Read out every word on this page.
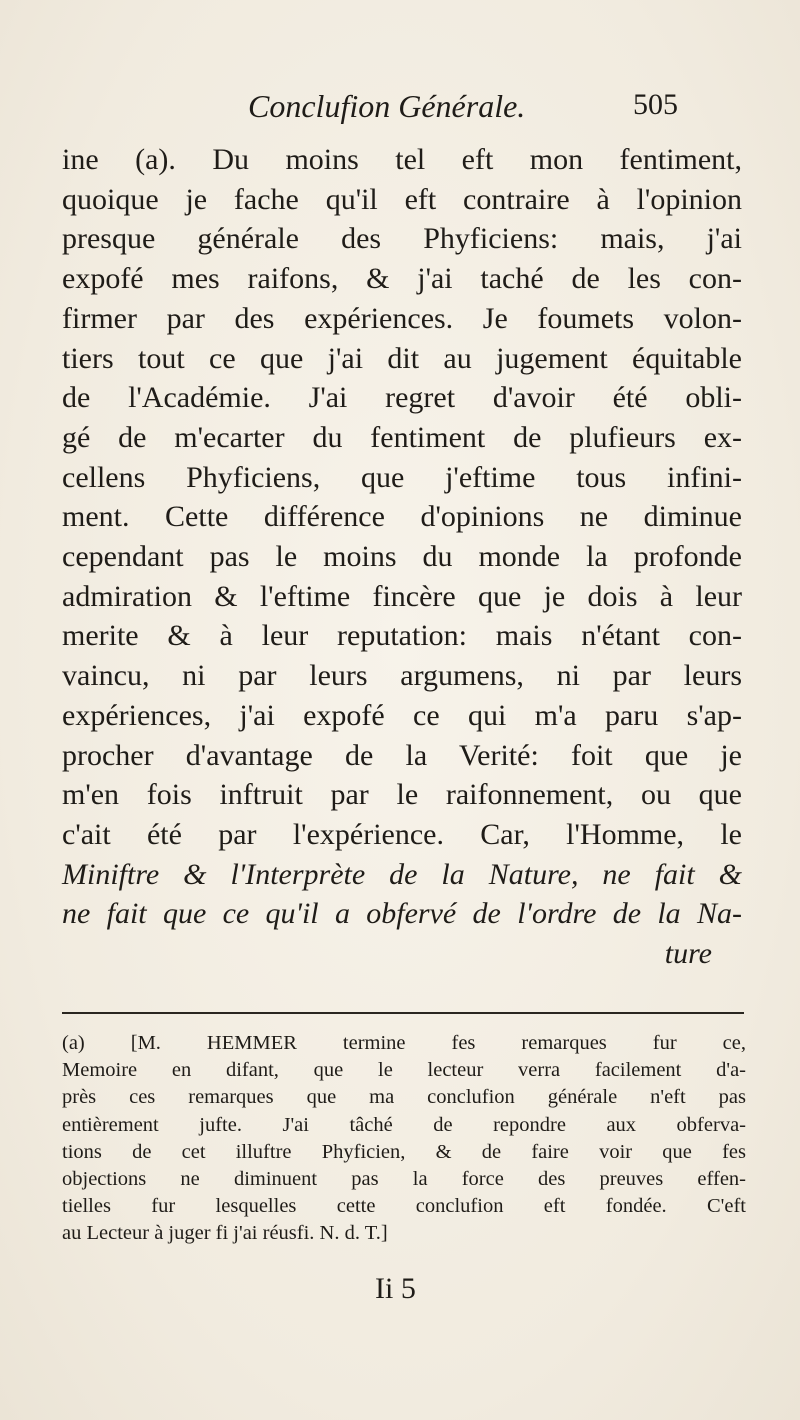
Conclufion Générale.	505
ine (a). Du moins tel eft mon fentiment,
quoique je fache qu'il eft contraire à l'opinion
presque générale des Phyficiens: mais, j'ai
expofé mes raifons, & j'ai taché de les con-
firmer par des expériences. Je foumets volon-
tiers tout ce que j'ai dit au jugement équitable
de l'Académie. J'ai regret d'avoir été obli-
gé de m'ecarter du fentiment de plufieurs ex-
cellens Phyficiens, que j'eftime tous infini-
ment. Cette différence d'opinions ne diminue
cependant pas le moins du monde la profonde
admiration & l'eftime fincère que je dois à leur
merite & à leur reputation: mais n'étant con-
vaincu, ni par leurs argumens, ni par leurs
expériences, j'ai expofé ce qui m'a paru s'ap-
procher d'avantage de la Verité: foit que je
m'en fois inftruit par le raifonnement, ou que
c'ait été par l'expérience. Car, l'Homme, le
Miniftre & l'Interprète de la Nature, ne fait &
ne fait que ce qu'il a obfervé de l'ordre de la Na-
ture
(a) [M. HEMMER termine fes remarques fur ce,
Memoire en difant, que le lecteur verra facilement d'a-
près ces remarques que ma conclufion générale n'eft pas
entièrement jufte. J'ai tâché de repondre aux obferva-
tions de cet illuftre Phyficien, & de faire voir que fes
objections ne diminuent pas la force des preuves effen-
tielles fur lesquelles cette conclufion eft fondée. C'eft
au Lecteur à juger fi j'ai réusfi. N. d. T.]
Ii 5
